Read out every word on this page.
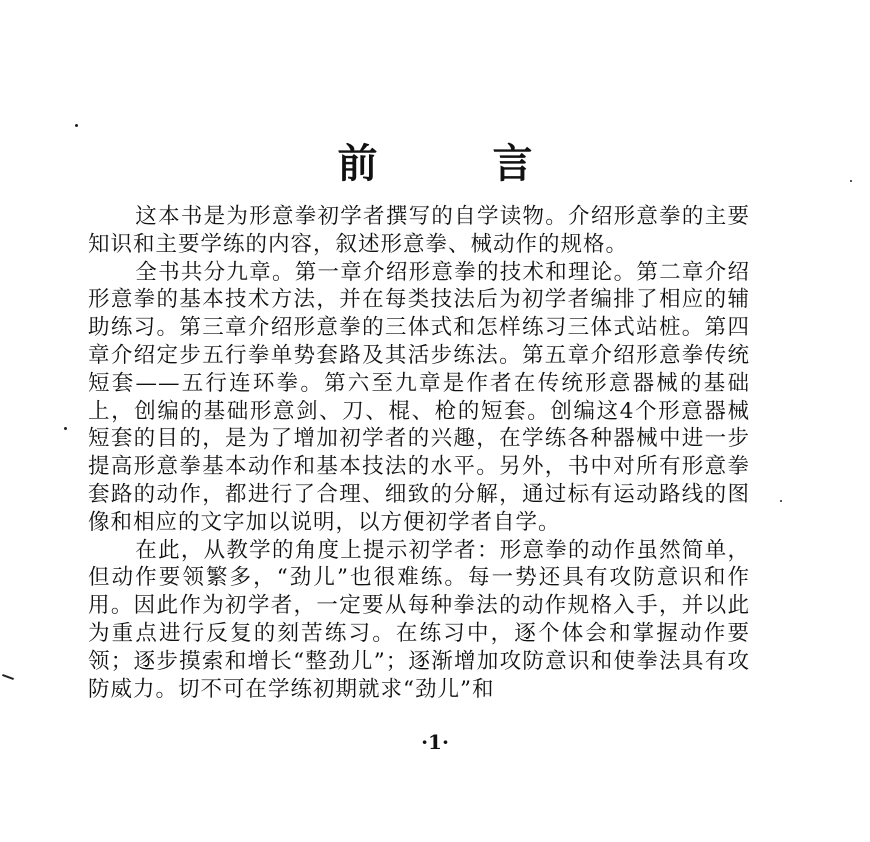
前	言

这本书是为形意拳初学者撰写的自学读物。介绍形意拳的主要知识和主要学练的内容，叙述形意拳、械动作的规格。

全书共分九章。第一章介绍形意拳的技术和理论。第二章介绍形意拳的基本技术方法，并在每类技法后为初学者编排了相应的辅助练习。第三章介绍形意拳的三体式和怎样练习三体式站桩。第四章介绍定步五行拳单势套路及其活步练法。第五章介绍形意拳传统短套——五行连环拳。第六至九章是作者在传统形意器械的基础上，创编的基础形意剑、刀、棍、枪的短套。创编这4个形意器械短套的目的，是为了增加初学者的兴趣，在学练各种器械中进一步提高形意拳基本动作和基本技法的水平。另外，书中对所有形意拳套路的动作，都进行了合理、细致的分解，通过标有运动路线的图像和相应的文字加以说明，以方便初学者自学。

在此，从教学的角度上提示初学者：形意拳的动作虽然简单，但动作要领繁多，“劲儿”也很难练。每一势还具有攻防意识和作用。因此作为初学者，一定要从每种拳法的动作规格入手，并以此为重点进行反复的刻苦练习。在练习中，逐个体会和掌握动作要领；逐步摸索和增长“整劲儿”；逐渐增加攻防意识和使拳法具有攻防威力。切不可在学练初期就求“劲儿”和

·1·
